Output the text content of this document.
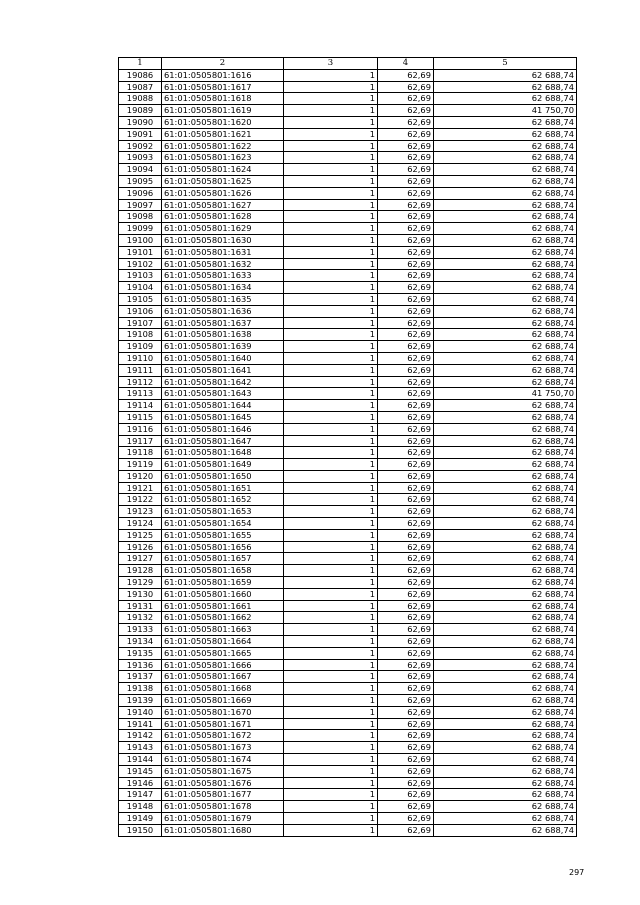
1	2	3	4	5
19086	61:01:0505801:1616	1	62,69	62 688,74
19087	61:01:0505801:1617	1	62,69	62 688,74
19088	61:01:0505801:1618	1	62,69	62 688,74
19089	61:01:0505801:1619	1	62,69	41 750,70
19090	61:01:0505801:1620	1	62,69	62 688,74
19091	61:01:0505801:1621	1	62,69	62 688,74
19092	61:01:0505801:1622	1	62,69	62 688,74
19093	61:01:0505801:1623	1	62,69	62 688,74
19094	61:01:0505801:1624	1	62,69	62 688,74
19095	61:01:0505801:1625	1	62,69	62 688,74
19096	61:01:0505801:1626	1	62,69	62 688,74
19097	61:01:0505801:1627	1	62,69	62 688,74
19098	61:01:0505801:1628	1	62,69	62 688,74
19099	61:01:0505801:1629	1	62,69	62 688,74
19100	61:01:0505801:1630	1	62,69	62 688,74
19101	61:01:0505801:1631	1	62,69	62 688,74
19102	61:01:0505801:1632	1	62,69	62 688,74
19103	61:01:0505801:1633	1	62,69	62 688,74
19104	61:01:0505801:1634	1	62,69	62 688,74
19105	61:01:0505801:1635	1	62,69	62 688,74
19106	61:01:0505801:1636	1	62,69	62 688,74
19107	61:01:0505801:1637	1	62,69	62 688,74
19108	61:01:0505801:1638	1	62,69	62 688,74
19109	61:01:0505801:1639	1	62,69	62 688,74
19110	61:01:0505801:1640	1	62,69	62 688,74
19111	61:01:0505801:1641	1	62,69	62 688,74
19112	61:01:0505801:1642	1	62,69	62 688,74
19113	61:01:0505801:1643	1	62,69	41 750,70
19114	61:01:0505801:1644	1	62,69	62 688,74
19115	61:01:0505801:1645	1	62,69	62 688,74
19116	61:01:0505801:1646	1	62,69	62 688,74
19117	61:01:0505801:1647	1	62,69	62 688,74
19118	61:01:0505801:1648	1	62,69	62 688,74
19119	61:01:0505801:1649	1	62,69	62 688,74
19120	61:01:0505801:1650	1	62,69	62 688,74
19121	61:01:0505801:1651	1	62,69	62 688,74
19122	61:01:0505801:1652	1	62,69	62 688,74
19123	61:01:0505801:1653	1	62,69	62 688,74
19124	61:01:0505801:1654	1	62,69	62 688,74
19125	61:01:0505801:1655	1	62,69	62 688,74
19126	61:01:0505801:1656	1	62,69	62 688,74
19127	61:01:0505801:1657	1	62,69	62 688,74
19128	61:01:0505801:1658	1	62,69	62 688,74
19129	61:01:0505801:1659	1	62,69	62 688,74
19130	61:01:0505801:1660	1	62,69	62 688,74
19131	61:01:0505801:1661	1	62,69	62 688,74
19132	61:01:0505801:1662	1	62,69	62 688,74
19133	61:01:0505801:1663	1	62,69	62 688,74
19134	61:01:0505801:1664	1	62,69	62 688,74
19135	61:01:0505801:1665	1	62,69	62 688,74
19136	61:01:0505801:1666	1	62,69	62 688,74
19137	61:01:0505801:1667	1	62,69	62 688,74
19138	61:01:0505801:1668	1	62,69	62 688,74
19139	61:01:0505801:1669	1	62,69	62 688,74
19140	61:01:0505801:1670	1	62,69	62 688,74
19141	61:01:0505801:1671	1	62,69	62 688,74
19142	61:01:0505801:1672	1	62,69	62 688,74
19143	61:01:0505801:1673	1	62,69	62 688,74
19144	61:01:0505801:1674	1	62,69	62 688,74
19145	61:01:0505801:1675	1	62,69	62 688,74
19146	61:01:0505801:1676	1	62,69	62 688,74
19147	61:01:0505801:1677	1	62,69	62 688,74
19148	61:01:0505801:1678	1	62,69	62 688,74
19149	61:01:0505801:1679	1	62,69	62 688,74
19150	61:01:0505801:1680	1	62,69	62 688,74
297
